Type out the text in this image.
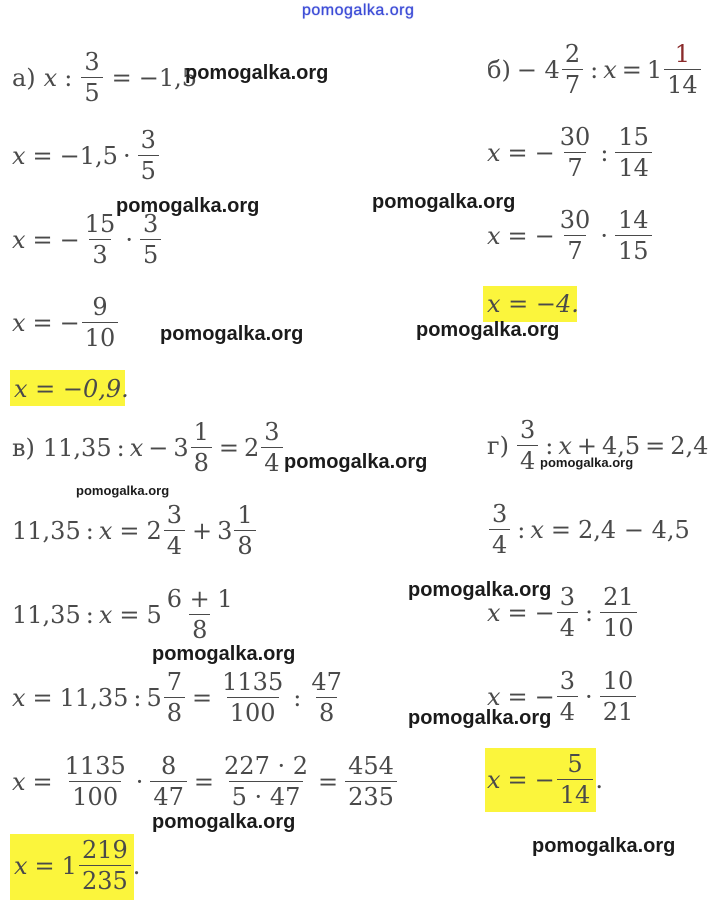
pomogalka.org
а) x : $\frac{3}{5} = -1,5$
$x = -1,5 \cdot \frac{3}{5}$
x = − $\frac{15}{3} \cdot \frac{3}{5}$
x = − $\frac{9}{10}$
x = −0,9.
$б) - 4 \frac{2}{7}$ : $x = 1 \frac{1}{14}$
x = − $\frac{30}{7}$ : $\frac{15}{14}$
x = − $\frac{30}{7} \cdot \frac{14}{15}$
x = −4.
в) 11,35 : $x - 3 \frac{1}{8} = 2 \frac{3}{4}$
11,35 : $x = 2 \frac{3}{4} + 3 \frac{1}{8}$
11,35 : $x = 5 \frac{6 + 1}{8}$
x = 11,35 : $5 \frac{7}{8} = \frac{1135}{100}$ : $\frac{47}{8}$
$x = \frac{1135}{100} \cdot \frac{8}{47} = \frac{227 \cdot 2}{5 \cdot 47} = \frac{454}{235}$
$x = 1 \frac{219}{235}$ .
$г) \frac{3}{4}$ : x + 4,5 = 2,4
$\frac{3}{4}$ : x = 2,4 − 4,5
x = − $\frac{3}{4}$ : $\frac{21}{10}$
x = − $\frac{3}{4} \cdot \frac{10}{21}$
x = − $\frac{5}{14}$ .
pomogalka.org
pomogalka.org	pomogalka.org
pomogalka.org	pomogalka.org
pomogalka.org	pomogalka.org
pomogalka.org
pomogalka.org
pomogalka.org
pomogalka.org
pomogalka.org
pomogalka.org
